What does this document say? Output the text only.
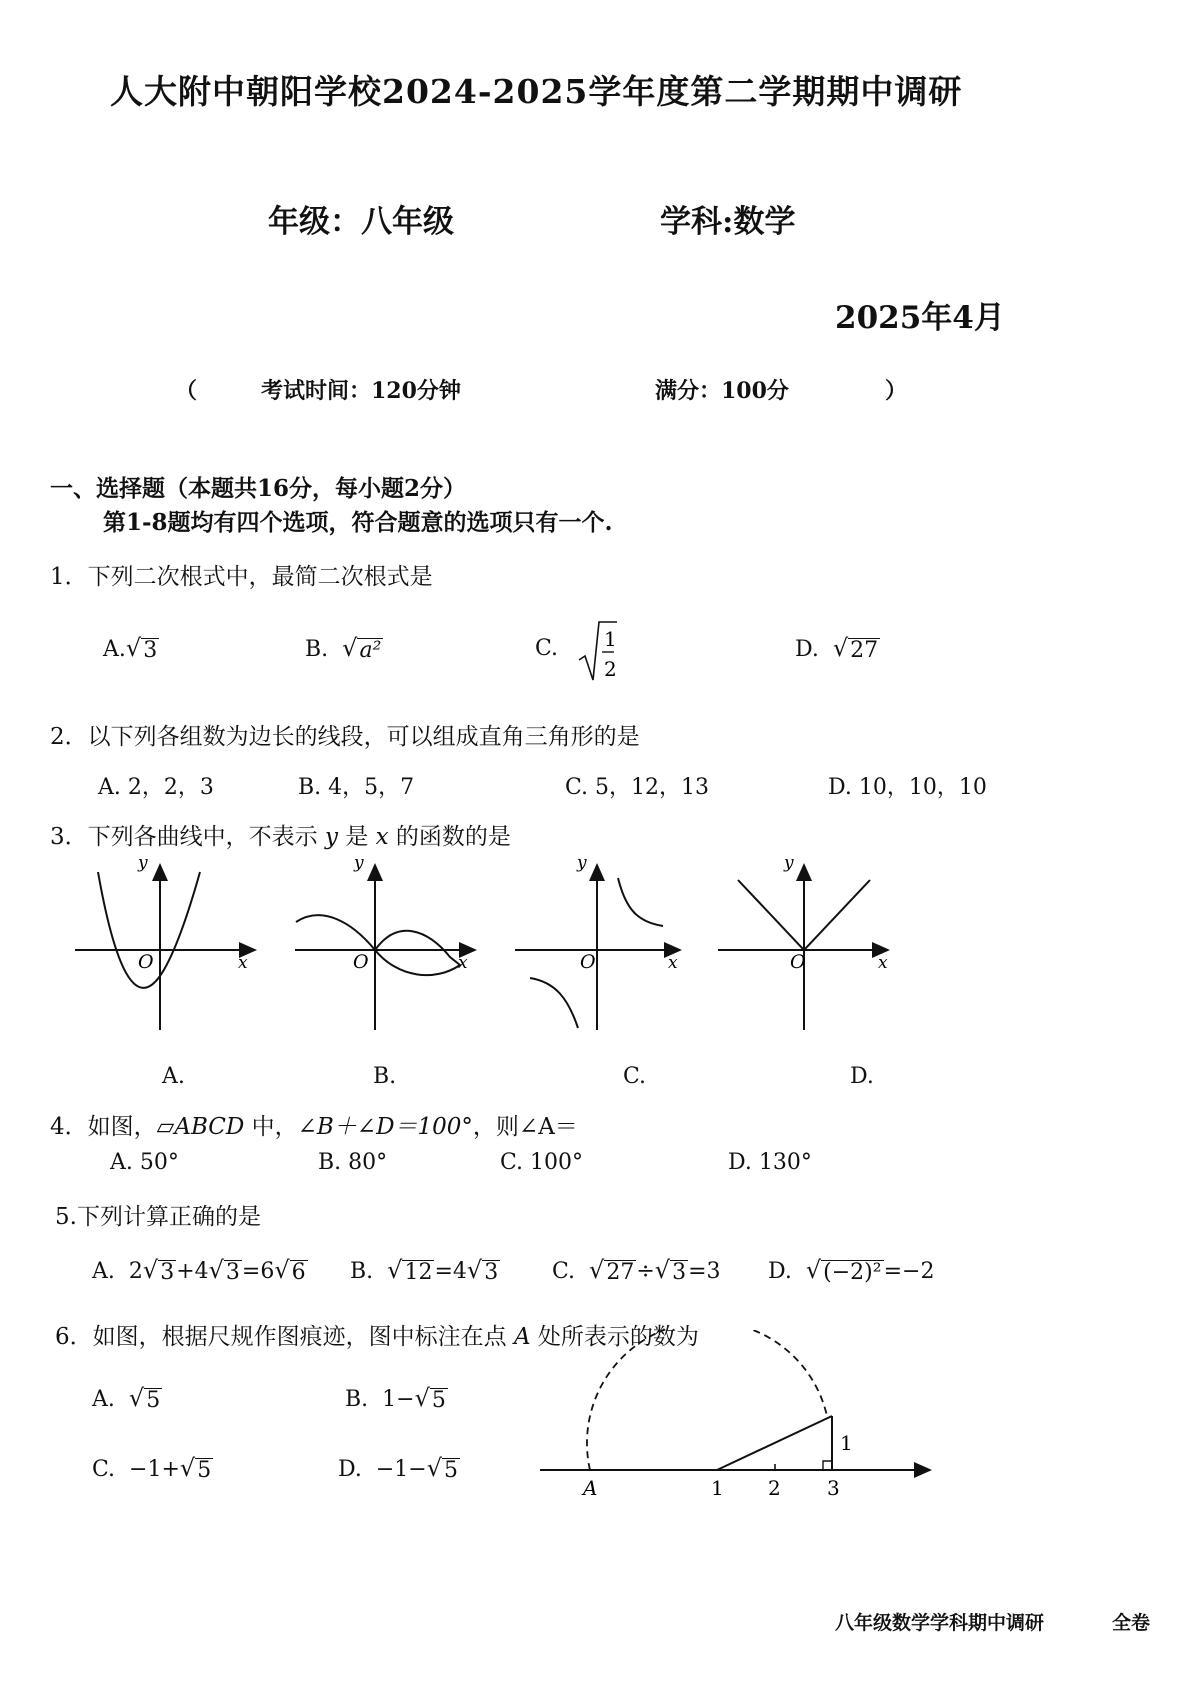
人大附中朝阳学校2024-2025学年度第二学期期中调研
年级：八年级	学科:数学
2025年4月
（	考试时间：120分钟	满分：100分	）
一、选择题（本题共16分，每小题2分）
第1-8题均有四个选项，符合题意的选项只有一个.
1．下列二次根式中，最简二次根式是
A. √ 3	B. √ a²	C. 1
2
D. √ 27
2．以下列各组数为边长的线段，可以组成直角三角形的是
A. 2，2，3	B. 4，5，7	C. 5，12，13	D. 10，10，10
3．下列各曲线中，不表示 y 是 x 的函数的是
y
x
O
y
x
O
y
x
O
y
x
O
A.	B.	C.	D.
4．如图，▱ABCD 中，∠B＋∠D＝100°，则∠A＝
A. 50°	B. 80°	C. 100°	D. 130°
5.下列计算正确的是
A. 2 √ 3 +4 √ 3 =6 √ 6 B. √ 12 =4 √ 3 C. √ 27 ÷ √ 3 =3 D. √ (−2)² =−2
6．如图，根据尺规作图痕迹，图中标注在点 A 处所表示的数为
A. √ 5	B. 1− √ 5
C. −1+ √ 5	D. −1− √ 5
A	1 2 3
1
八年级数学学科期中调研	全卷
